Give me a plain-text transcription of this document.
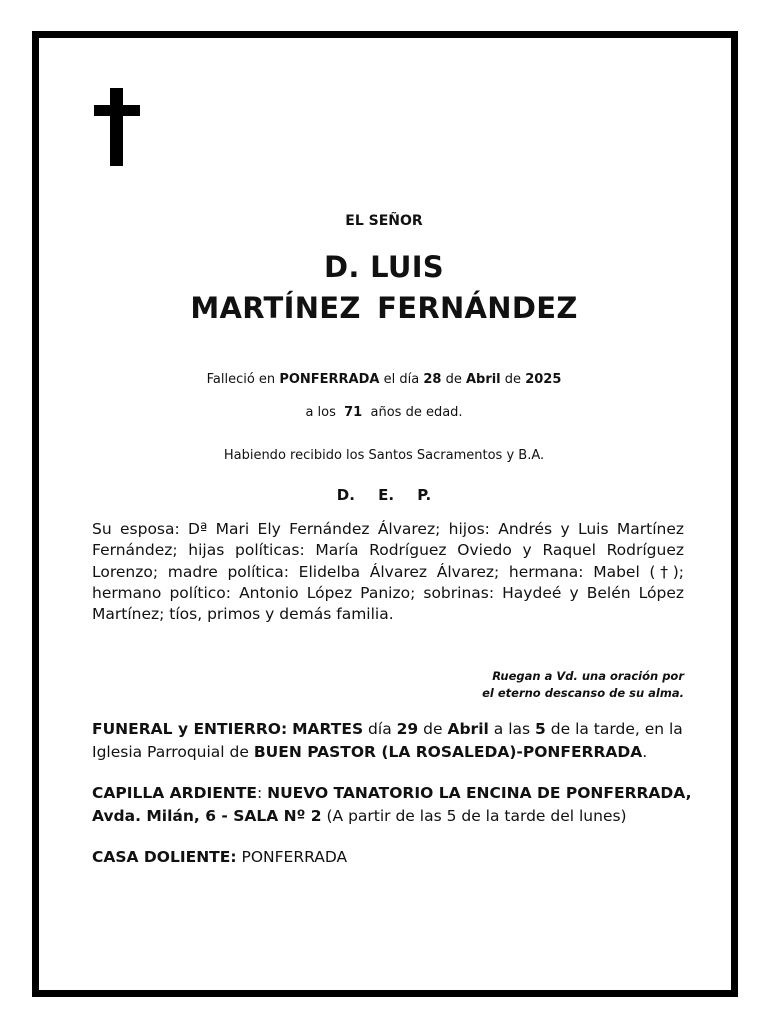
EL SEÑOR
D. LUIS
MARTÍNEZ FERNÁNDEZ
Falleció en PONFERRADA el día 28 de Abril de 2025
a los 71 años de edad.
Habiendo recibido los Santos Sacramentos y B.A.
D. E. P.
Su esposa: Dª Mari Ely Fernández Álvarez; hijos: Andrés y Luis Martínez Fernández; hijas políticas: María Rodríguez Oviedo y Raquel Rodríguez Lorenzo; madre política: Elidelba Álvarez Álvarez; hermana: Mabel (†); hermano político: Antonio López Panizo; sobrinas: Haydeé y Belén López Martínez; tíos, primos y demás familia.
Ruegan a Vd. una oración por
el eterno descanso de su alma.
FUNERAL y ENTIERRO: MARTES día 29 de Abril a las 5 de la tarde, en la Iglesia Parroquial de BUEN PASTOR (LA ROSALEDA)-PONFERRADA.
CAPILLA ARDIENTE: NUEVO TANATORIO LA ENCINA DE PONFERRADA, Avda. Milán, 6 - SALA Nº 2 (A partir de las 5 de la tarde del lunes)
CASA DOLIENTE: PONFERRADA
